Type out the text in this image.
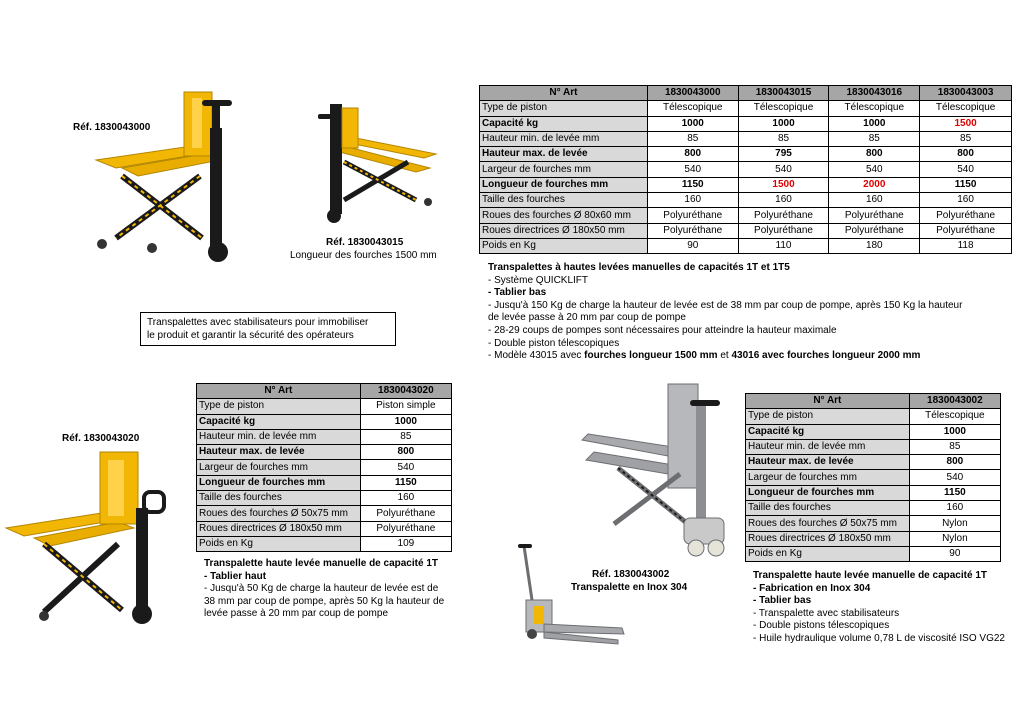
Réf. 1830043000
Réf. 1830043015
Longueur des fourches 1500 mm
Réf. 1830043020
Réf. 1830043002
Transpalette en Inox 304
Transpalettes avec stabilisateurs pour immobiliser
le produit et garantir la sécurité des opérateurs
N° Art	1830043000	1830043015	1830043016	1830043003
Type de piston	Télescopique	Télescopique	Télescopique	Télescopique
Capacité kg	1000	1000	1000	1500
Hauteur min. de levée mm	85	85	85	85
Hauteur max. de levée	800	795	800	800
Largeur de fourches mm	540	540	540	540
Longueur de fourches mm	1150	1500	2000	1150
Taille des fourches	160	160	160	160
Roues des fourches Ø 80x60 mm	Polyuréthane	Polyuréthane	Polyuréthane	Polyuréthane
Roues directrices Ø 180x50 mm	Polyuréthane	Polyuréthane	Polyuréthane	Polyuréthane
Poids en Kg	90	110	180	118
Transpalettes à hautes levées manuelles de capacités 1T et 1T5
- Système QUICKLIFT
- Tablier bas
- Jusqu'à 150 Kg de charge la hauteur de levée est de 38 mm par coup de pompe, après 150 Kg la hauteur
de levée passe à 20 mm par coup de pompe
- 28-29 coups de pompes sont nécessaires pour atteindre la hauteur maximale
- Double piston télescopiques
- Modèle 43015 avec fourches longueur 1500 mm et 43016 avec fourches longueur 2000 mm
N° Art	1830043020
Type de piston	Piston simple
Capacité kg	1000
Hauteur min. de levée mm	85
Hauteur max. de levée	800
Largeur de fourches mm	540
Longueur de fourches mm	1150
Taille des fourches	160
Roues des fourches Ø 50x75 mm	Polyuréthane
Roues directrices Ø 180x50 mm	Polyuréthane
Poids en Kg	109
Transpalette haute levée manuelle de capacité 1T
- Tablier haut
- Jusqu'à 50 Kg de charge la hauteur de levée est de
38 mm par coup de pompe, après 50 Kg la hauteur de
levée passe à 20 mm par coup de pompe
N° Art	1830043002
Type de piston	Télescopique
Capacité kg	1000
Hauteur min. de levée mm	85
Hauteur max. de levée	800
Largeur de fourches mm	540
Longueur de fourches mm	1150
Taille des fourches	160
Roues des fourches Ø 50x75 mm	Nylon
Roues directrices Ø 180x50 mm	Nylon
Poids en Kg	90
Transpalette haute levée manuelle de capacité 1T
- Fabrication en Inox 304
- Tablier bas
- Transpalette avec stabilisateurs
- Double pistons télescopiques
- Huile hydraulique volume 0,78 L de viscosité ISO VG22
